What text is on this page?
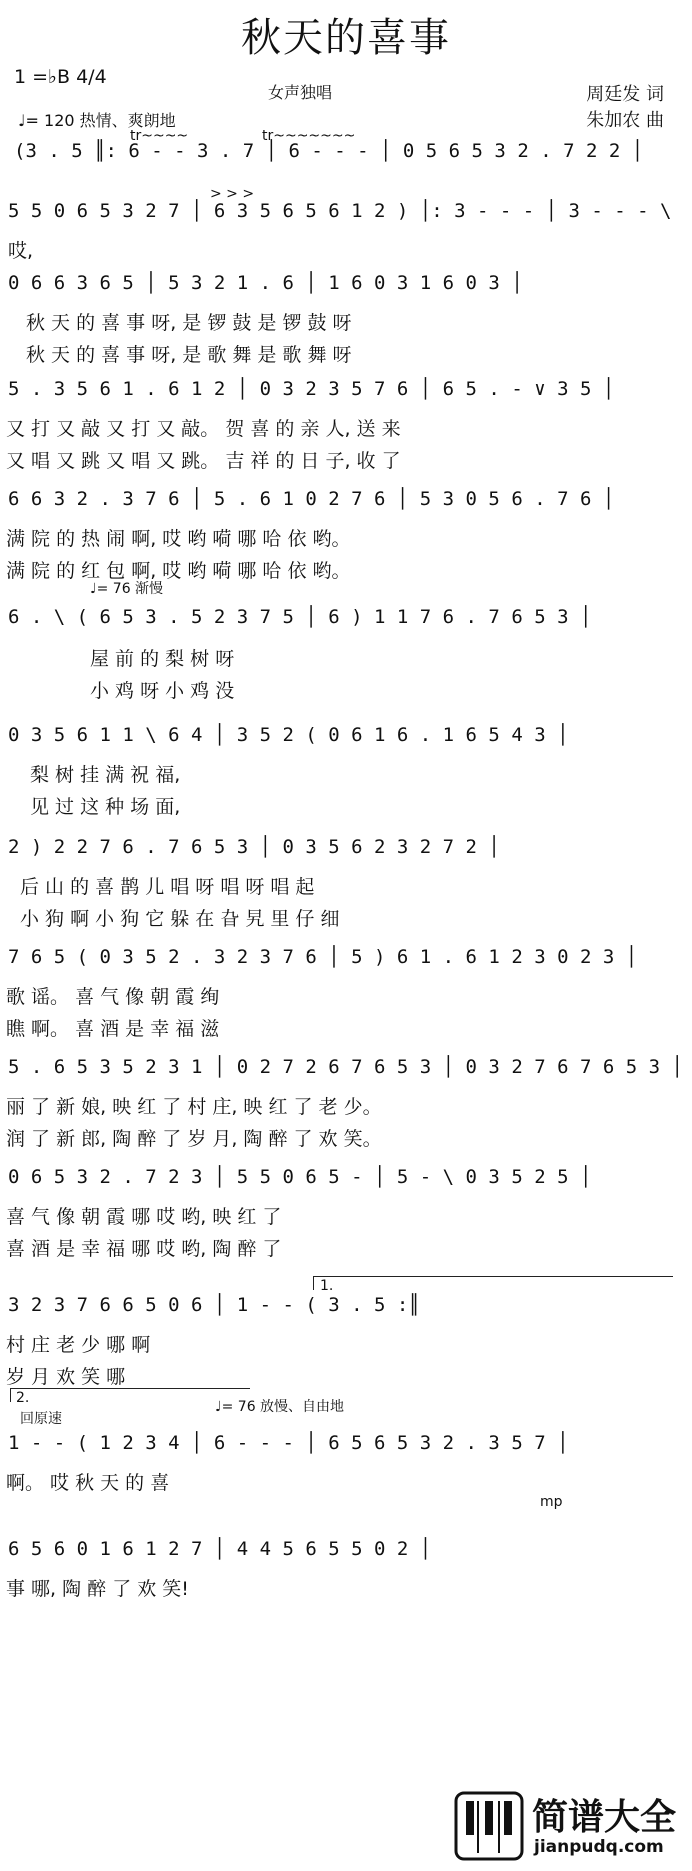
秋天的喜事
1 =♭B 4/4
♩= 120 热情、爽朗地
女声独唱	周廷发 词
朱加农 曲
tr~~~~	tr~~~~~~~
> > >
♩= 76 渐慢
1.
2.
回原速
♩= 76 放慢、自由地
mp
(3 . 5 ║: 6 - - 3 . 7 │ 6 - - - │ 0 5 6 5 3 2 . 7 2 2 │
5 5 0 6 5 3 2 7 │ 6 3 5 6 5 6 1 2 ) │: 3 - - - │ 3 - - - \
哎,
0 6 6 3 6 5 │ 5 3 2 1 . 6 │ 1 6 0 3 1 6 0 3 │
秋 天 的 喜 事 呀, 是 锣 鼓 是 锣 鼓 呀
秋 天 的 喜 事 呀, 是 歌 舞 是 歌 舞 呀
5 . 3 5 6 1 . 6 1 2 │ 0 3 2 3 5 7 6 │ 6 5 . - ∨ 3 5 │
又 打 又 敲 又 打 又 敲。 贺 喜 的 亲 人, 送 来
又 唱 又 跳 又 唱 又 跳。 吉 祥 的 日 子, 收 了
6 6 3 2 . 3 7 6 │ 5 . 6 1 0 2 7 6 │ 5 3 0 5 6 . 7 6 │
满 院 的 热 闹 啊, 哎 哟 嗬 哪 哈 依 哟。
满 院 的 红 包 啊, 哎 哟 嗬 哪 哈 依 哟。
6 . \ ( 6 5 3 . 5 2 3 7 5 │ 6 ) 1 1 7 6 . 7 6 5 3 │
屋 前 的 梨 树 呀
小 鸡 呀 小 鸡 没
0 3 5 6 1 1 \ 6 4 │ 3 5 2 ( 0 6 1 6 . 1 6 5 4 3 │
梨 树 挂 满 祝 福,
见 过 这 种 场 面,
2 ) 2 2 7 6 . 7 6 5 3 │ 0 3 5 6 2 3 2 7 2 │
后 山 的 喜 鹊 儿 唱 呀 唱 呀 唱 起
小 狗 啊 小 狗 它 躲 在 旮 旯 里 仔 细
7 6 5 ( 0 3 5 2 . 3 2 3 7 6 │ 5 ) 6 1 . 6 1 2 3 0 2 3 │
歌 谣。 喜 气 像 朝 霞 绚
瞧 啊。 喜 酒 是 幸 福 滋
5 . 6 5 3 5 2 3 1 │ 0 2 7 2 6 7 6 5 3 │ 0 3 2 7 6 7 6 5 3 │
丽 了 新 娘, 映 红 了 村 庄, 映 红 了 老 少。
润 了 新 郎, 陶 醉 了 岁 月, 陶 醉 了 欢 笑。
0 6 5 3 2 . 7 2 3 │ 5 5 0 6 5 - │ 5 - \ 0 3 5 2 5 │
喜 气 像 朝 霞 哪 哎 哟, 映 红 了
喜 酒 是 幸 福 哪 哎 哟, 陶 醉 了
3 2 3 7 6 6 5 0 6 │ 1 - - ( 3 . 5 :║
村 庄 老 少 哪 啊
岁 月 欢 笑 哪
1 - - ( 1 2 3 4 │ 6 - - - │ 6 5 6 5 3 2 . 3 5 7 │
啊。 哎 秋 天 的 喜
6 5 6 0 1 6 1 2 7 │ 4 4 5 6 5 5 0 2 │
事 哪, 陶 醉 了 欢 笑!
简谱大全
jianpudq.com
